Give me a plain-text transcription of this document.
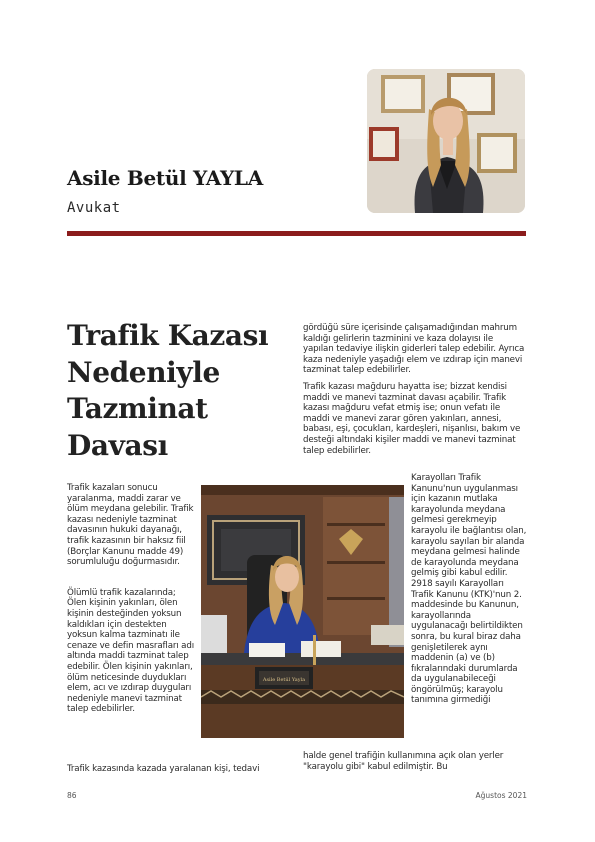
Asile Betül YAYLA
Avukat
Trafik Kazası
Nedeniyle
Tazminat
Davası

gördüğü süre içerisinde çalışamadığından mahrum kaldığı gelirlerin tazminini ve kaza dolayısı ile yapılan tedaviye ilişkin giderleri talep edebilir. Ayrıca kaza nedeniyle yaşadığı elem ve ızdırap için manevi tazminat talep edebilirler.

Trafik kazası mağduru hayatta ise; bizzat kendisi maddi ve manevi tazminat davası açabilir. Trafik kazası mağduru vefat etmiş ise; onun vefatı ile maddi ve manevi zarar gören yakınları, annesi, babası, eşi, çocukları, kardeşleri, nişanlısı, bakım ve desteği altındaki kişiler maddi ve manevi tazminat talep edebilirler.

Trafik kazaları sonucu yaralanma, maddi zarar ve ölüm meydana gelebilir. Trafik kazası nedeniyle tazminat davasının hukuki dayanağı, trafik kazasının bir haksız fiil (Borçlar Kanunu madde 49) sorumluluğu doğurmasıdır.

Ölümlü trafik kazalarında; Ölen kişinin yakınları, ölen kişinin desteğinden yoksun kaldıkları için destekten yoksun kalma tazminatı ile cenaze ve defin masrafları adı altında maddi tazminat talep edebilir. Ölen kişinin yakınları, ölüm neticesinde duydukları elem, acı ve ızdırap duyguları nedeniyle manevi tazminat talep edebilirler.

Trafik kazasında kazada yaralanan kişi, tedavi
Asile Betül Yayla
Karayolları Trafik Kanunu'nun uygulanması için kazanın mutlaka karayolunda meydana gelmesi gerekmeyip karayolu ile bağlantısı olan, karayolu sayılan bir alanda meydana gelmesi halinde de karayolunda meydana gelmiş gibi kabul edilir. 2918 sayılı Karayolları Trafik Kanunu (KTK)'nun 2. maddesinde bu Kanunun, karayollarında uygulanacağı belirtildikten sonra, bu kural biraz daha genişletilerek aynı maddenin (a) ve (b) fıkralarındaki durumlarda da uygulanabileceği öngörülmüş; karayolu tanımına girmediği
halde genel trafiğin kullanımına açık olan yerler "karayolu gibi" kabul edilmiştir. Bu
86	Ağustos 2021
